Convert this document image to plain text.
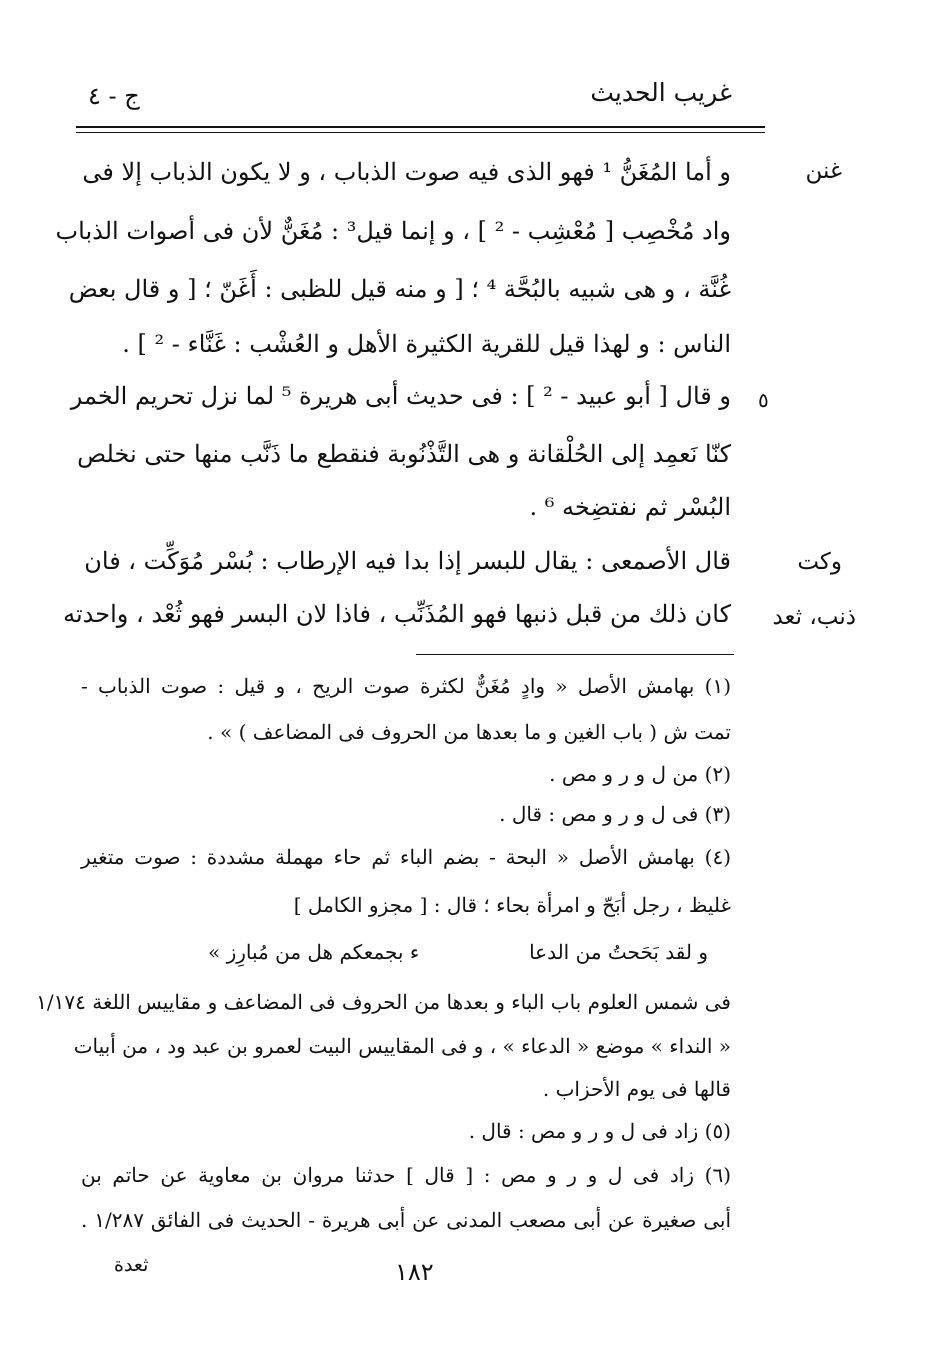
غريب الحديث
ج - ٤
غنن
٥
وكت
ذنب، ثعد
و أما المُغَنُّ ¹ فهو الذى فيه صوت الذباب ، و لا يكون الذباب إلا فى
واد مُخْصِب [ مُعْشِب - ² ] ، و إنما قيل³ : مُغَنٌّ لأن فى أصوات الذباب
غُنَّة ، و هى شبيه بالبُحَّة ⁴ ؛ [ و منه قيل للظبى : أَغَنّ ؛ [ و قال بعض
الناس : و لهذا قيل للقرية الكثيرة الأهل و العُشْب : غَنَّاء - ² ] .
و قال [ أبو عبيد - ² ] : فى حديث أبى هريرة ⁵ لما نزل تحريم الخمر
كنّا نَعمِد إلى الحُلْقانة و هى التَّذْنُوبة فنقطع ما ذَنَّب منها حتى نخلص
البُسْر ثم نفتضِخه ⁶ .
قال الأصمعى : يقال للبسر إذا بدا فيه الإرطاب : بُسْر مُوَكِّت ، فان
كان ذلك من قبل ذنبها فهو المُذَنِّب ، فاذا لان البسر فهو ثُعْد ، واحدته
(١) بهامش الأصل « وادٍ مُغَنٌّ لكثرة صوت الريح ، و قيل : صوت الذباب -
تمت ش ( باب الغين و ما بعدها من الحروف فى المضاعف ) » .
(٢) من ل و ر و مص .
(٣) فى ل و ر و مص : قال .
(٤) بهامش الأصل « البحة - بضم الباء ثم حاء مهملة مشددة : صوت متغير
غليظ ، رجل أبَحّ و امرأة بحاء ؛ قال : [ مجزو الكامل ]
و لقد بَحَحتُ من الدعا
ء بجمعكم هل من مُبارِز »
فى شمس العلوم باب الباء و بعدها من الحروف فى المضاعف و مقاييس اللغة ١/١٧٤
« النداء » موضع « الدعاء » ، و فى المقاييس البيت لعمرو بن عبد ود ، من أبيات
قالها فى يوم الأحزاب .
(٥) زاد فى ل و ر و مص : قال .
(٦) زاد فى ل و ر و مص : [ قال ] حدثنا مروان بن معاوية عن حاتم بن
أبى صغيرة عن أبى مصعب المدنى عن أبى هريرة - الحديث فى الفائق ١/٢٨٧ .
١٨٢
ثعدة
